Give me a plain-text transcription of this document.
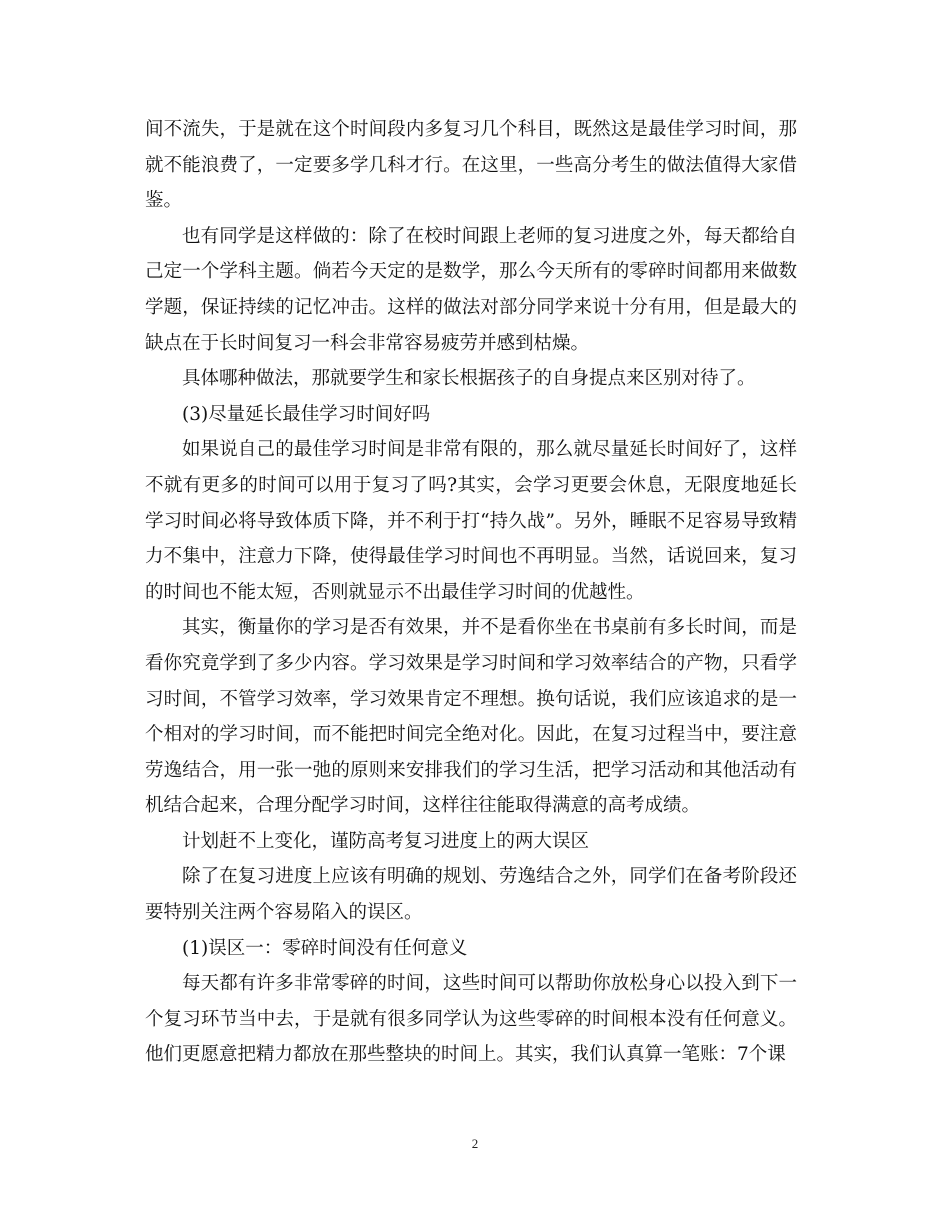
间不流失，于是就在这个时间段内多复习几个科目，既然这是最佳学习时间，那就不能浪费了，一定要多学几科才行。在这里，一些高分考生的做法值得大家借鉴。

也有同学是这样做的：除了在校时间跟上老师的复习进度之外，每天都给自己定一个学科主题。倘若今天定的是数学，那么今天所有的零碎时间都用来做数学题，保证持续的记忆冲击。这样的做法对部分同学来说十分有用，但是最大的缺点在于长时间复习一科会非常容易疲劳并感到枯燥。

具体哪种做法，那就要学生和家长根据孩子的自身提点来区别对待了。

(3)尽量延长最佳学习时间好吗

如果说自己的最佳学习时间是非常有限的，那么就尽量延长时间好了，这样不就有更多的时间可以用于复习了吗?其实，会学习更要会休息，无限度地延长学习时间必将导致体质下降，并不利于打“持久战”。另外，睡眠不足容易导致精力不集中，注意力下降，使得最佳学习时间也不再明显。当然，话说回来，复习的时间也不能太短，否则就显示不出最佳学习时间的优越性。

其实，衡量你的学习是否有效果，并不是看你坐在书桌前有多长时间，而是看你究竟学到了多少内容。学习效果是学习时间和学习效率结合的产物，只看学习时间，不管学习效率，学习效果肯定不理想。换句话说，我们应该追求的是一个相对的学习时间，而不能把时间完全绝对化。因此，在复习过程当中，要注意劳逸结合，用一张一弛的原则来安排我们的学习生活，把学习活动和其他活动有机结合起来，合理分配学习时间，这样往往能取得满意的高考成绩。

计划赶不上变化，谨防高考复习进度上的两大误区

除了在复习进度上应该有明确的规划、劳逸结合之外，同学们在备考阶段还要特别关注两个容易陷入的误区。

(1)误区一：零碎时间没有任何意义

每天都有许多非常零碎的时间，这些时间可以帮助你放松身心以投入到下一个复习环节当中去，于是就有很多同学认为这些零碎的时间根本没有任何意义。他们更愿意把精力都放在那些整块的时间上。其实，我们认真算一笔账：7个课

2
